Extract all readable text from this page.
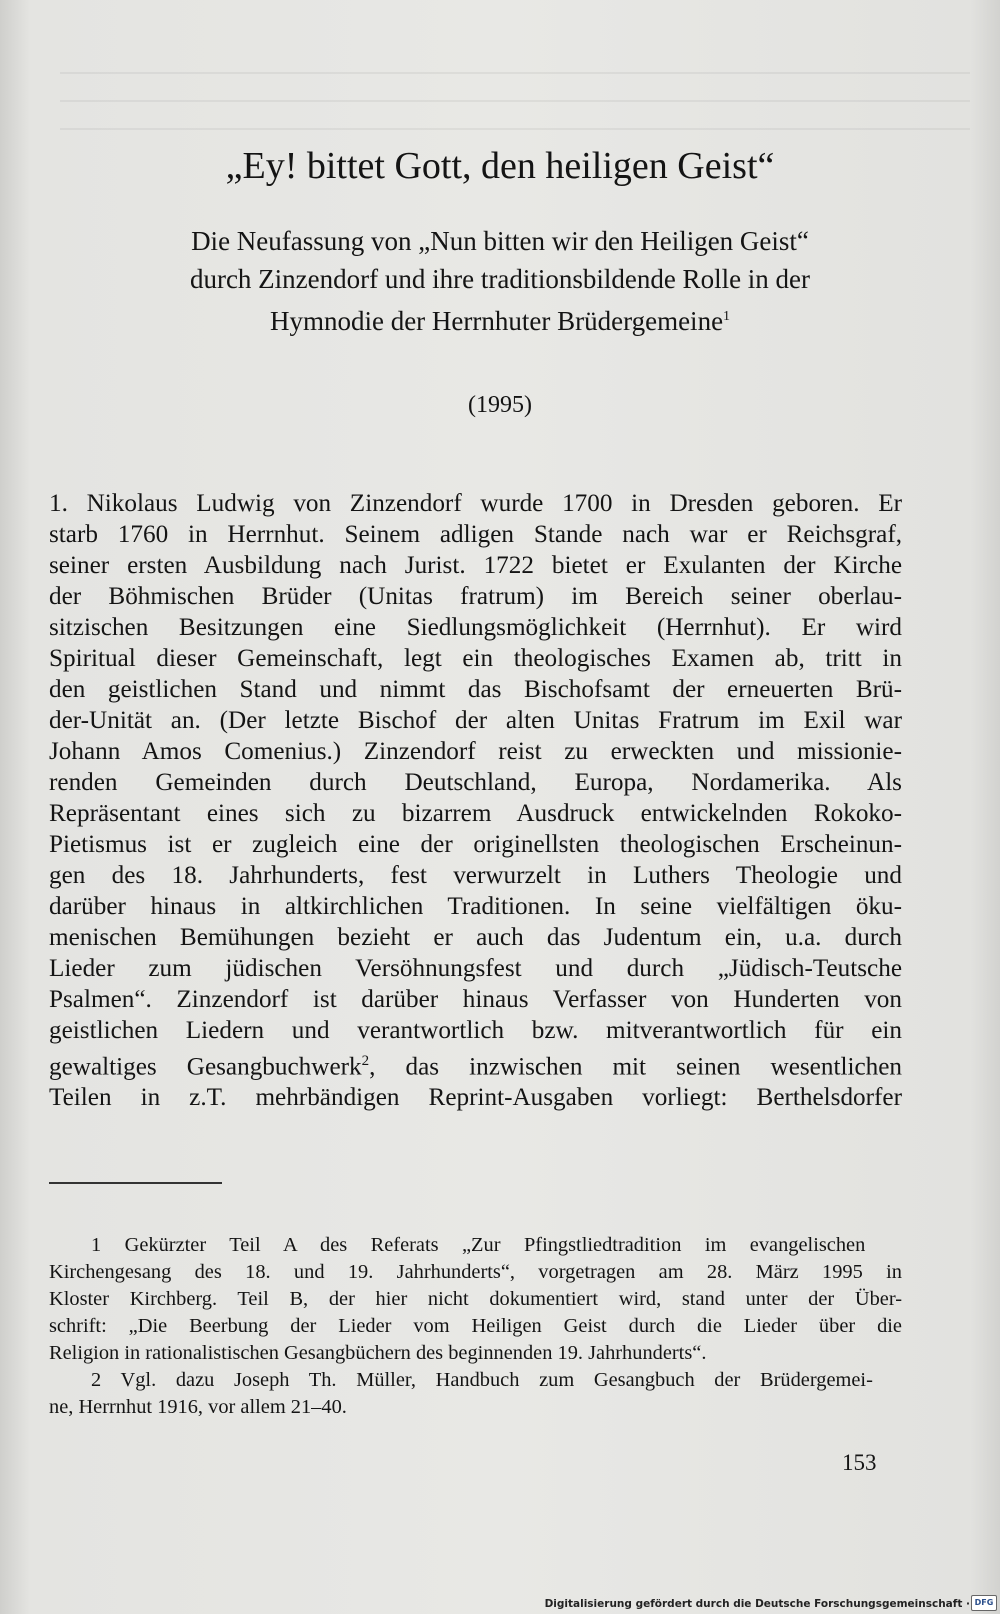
„Ey! bittet Gott, den heiligen Geist“

Die Neufassung von „Nun bitten wir den Heiligen Geist“

durch Zinzendorf und ihre traditionsbildende Rolle in der

Hymnodie der Herrnhuter Brüdergemeine$^1$

(1995)
1. Nikolaus Ludwig von Zinzendorf wurde 1700 in Dresden geboren. Er
starb 1760 in Herrnhut. Seinem adligen Stande nach war er Reichsgraf,
seiner ersten Ausbildung nach Jurist. 1722 bietet er Exulanten der Kirche
der Böhmischen Brüder (Unitas fratrum) im Bereich seiner oberlau-
sitzischen Besitzungen eine Siedlungsmöglichkeit (Herrnhut). Er wird
Spiritual dieser Gemeinschaft, legt ein theologisches Examen ab, tritt in
den geistlichen Stand und nimmt das Bischofsamt der erneuerten Brü-
der-Unität an. (Der letzte Bischof der alten Unitas Fratrum im Exil war
Johann Amos Comenius.) Zinzendorf reist zu erweckten und missionie-
renden Gemeinden durch Deutschland, Europa, Nordamerika. Als
Repräsentant eines sich zu bizarrem Ausdruck entwickelnden Rokoko-
Pietismus ist er zugleich eine der originellsten theologischen Erscheinun-
gen des 18. Jahrhunderts, fest verwurzelt in Luthers Theologie und
darüber hinaus in altkirchlichen Traditionen. In seine vielfältigen öku-
menischen Bemühungen bezieht er auch das Judentum ein, u.a. durch
Lieder zum jüdischen Versöhnungsfest und durch „Jüdisch-Teutsche
Psalmen“. Zinzendorf ist darüber hinaus Verfasser von Hunderten von
geistlichen Liedern und verantwortlich bzw. mitverantwortlich für ein
gewaltiges Gesangbuchwerk$^2$, das inzwischen mit seinen wesentlichen
Teilen in z.T. mehrbändigen Reprint-Ausgaben vorliegt: Berthelsdorfer
1 Gekürzter Teil A des Referats „Zur Pfingstliedtradition im evangelischen
Kirchengesang des 18. und 19. Jahrhunderts“, vorgetragen am 28. März 1995 in
Kloster Kirchberg. Teil B, der hier nicht dokumentiert wird, stand unter der Über-
schrift: „Die Beerbung der Lieder vom Heiligen Geist durch die Lieder über die
Religion in rationalistischen Gesangbüchern des beginnenden 19. Jahrhunderts“.
2 Vgl. dazu Joseph Th. Müller, Handbuch zum Gesangbuch der Brüdergemei-
ne, Herrnhut 1916, vor allem 21–40.
153
Digitalisierung gefördert durch die Deutsche Forschungsgemeinschaft · DFG
